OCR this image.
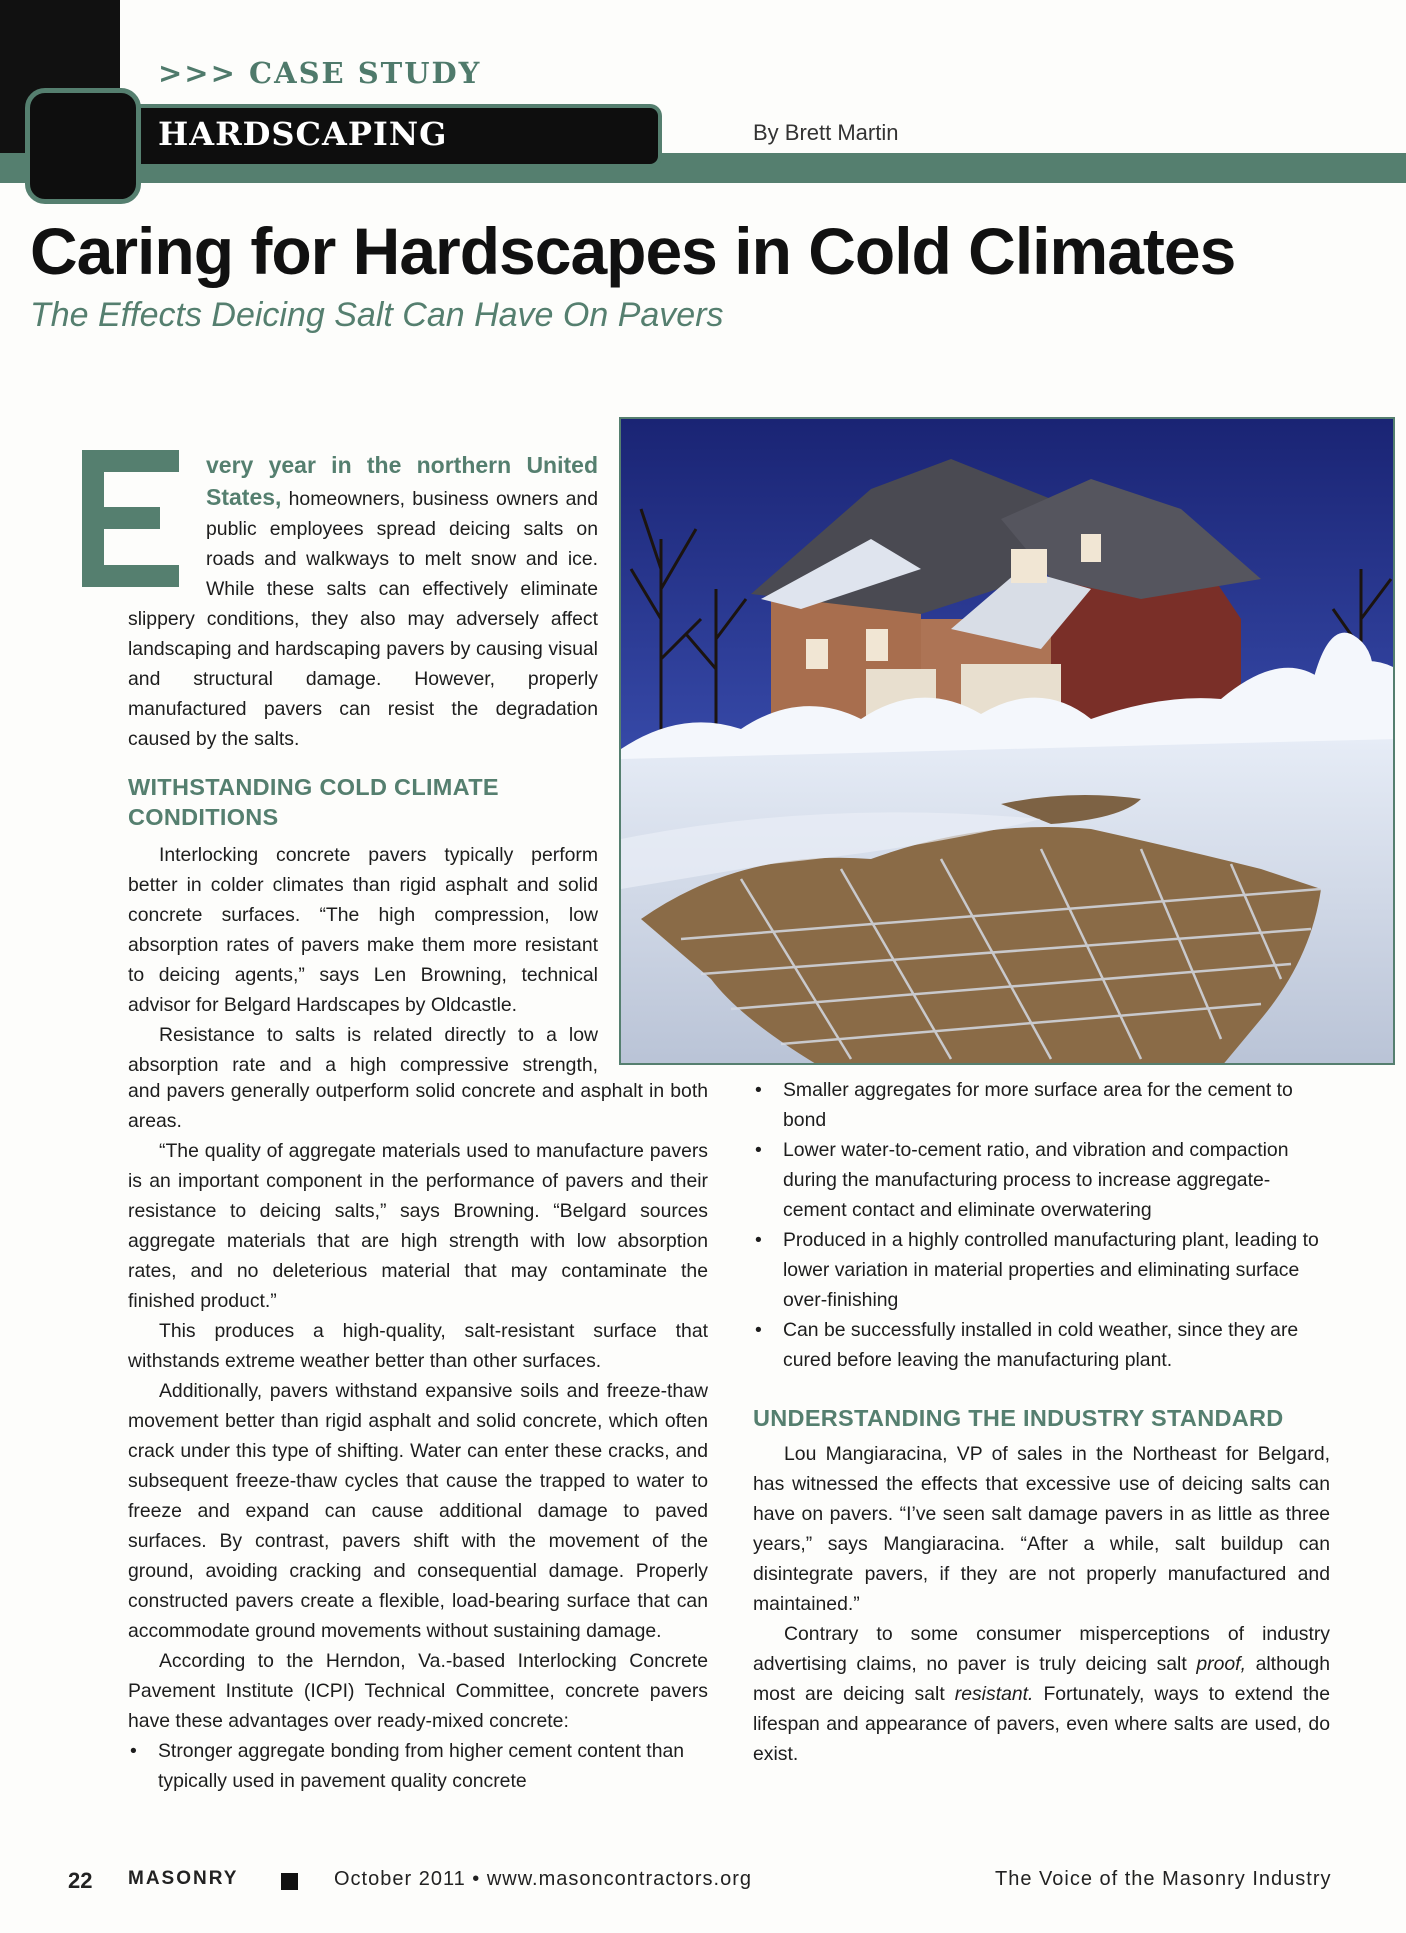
>>> CASE STUDY
HARDSCAPING	By Brett Martin
Caring for Hardscapes in Cold Climates
The Effects Deicing Salt Can Have On Pavers

very year in the northern United States, homeowners, business owners and public employees spread deicing salts on roads and walkways to melt snow and ice. While these salts can effectively eliminate slippery conditions, they also may adversely affect landscaping and hardscaping pavers by causing visual and structural damage. However, properly manufactured pavers can resist the degradation caused by the salts.

WITHSTANDING COLD CLIMATE CONDITIONS

Interlocking concrete pavers typically perform better in colder climates than rigid asphalt and solid concrete surfaces. “The high compression, low absorption rates of pavers make them more resistant to deicing agents,” says Len Browning, technical advisor for Belgard Hardscapes by Oldcastle.

Resistance to salts is related directly to a low absorption rate and a high compressive strength,

and pavers generally outperform solid concrete and asphalt in both areas.

“The quality of aggregate materials used to manufacture pavers is an important component in the performance of pavers and their resistance to deicing salts,” says Browning. “Belgard sources aggregate materials that are high strength with low absorption rates, and no deleterious material that may contaminate the finished product.”

This produces a high-quality, salt-resistant surface that withstands extreme weather better than other surfaces.

Additionally, pavers withstand expansive soils and freeze-thaw movement better than rigid asphalt and solid concrete, which often crack under this type of shifting. Water can enter these cracks, and subsequent freeze-thaw cycles that cause the trapped to water to freeze and expand can cause additional damage to paved surfaces. By contrast, pavers shift with the movement of the ground, avoiding cracking and consequential damage. Properly constructed pavers create a flexible, load-bearing surface that can accommodate ground movements without sustaining damage.

According to the Herndon, Va.-based Interlocking Concrete Pavement Institute (ICPI) Technical Committee, concrete pavers have these advantages over ready-mixed concrete:

• Stronger aggregate bonding from higher cement content than typically used in pavement quality concrete
• Smaller aggregates for more surface area for the cement to bond
• Lower water-to-cement ratio, and vibration and compaction during the manufacturing process to increase aggregate-cement contact and eliminate overwatering
• Produced in a highly controlled manufacturing plant, leading to lower variation in material properties and eliminating surface over-finishing
• Can be successfully installed in cold weather, since they are cured before leaving the manufacturing plant.
UNDERSTANDING THE INDUSTRY STANDARD

Lou Mangiaracina, VP of sales in the Northeast for Belgard, has witnessed the effects that excessive use of deicing salts can have on pavers. “I’ve seen salt damage pavers in as little as three years,” says Mangiaracina. “After a while, salt buildup can disintegrate pavers, if they are not properly manufactured and maintained.”

Contrary to some consumer misperceptions of industry advertising claims, no paver is truly deicing salt proof, although most are deicing salt resistant. Fortunately, ways to extend the lifespan and appearance of pavers, even where salts are used, do exist.

22 MASONRY	October 2011 • www.masoncontractors.org	The Voice of the Masonry Industry
